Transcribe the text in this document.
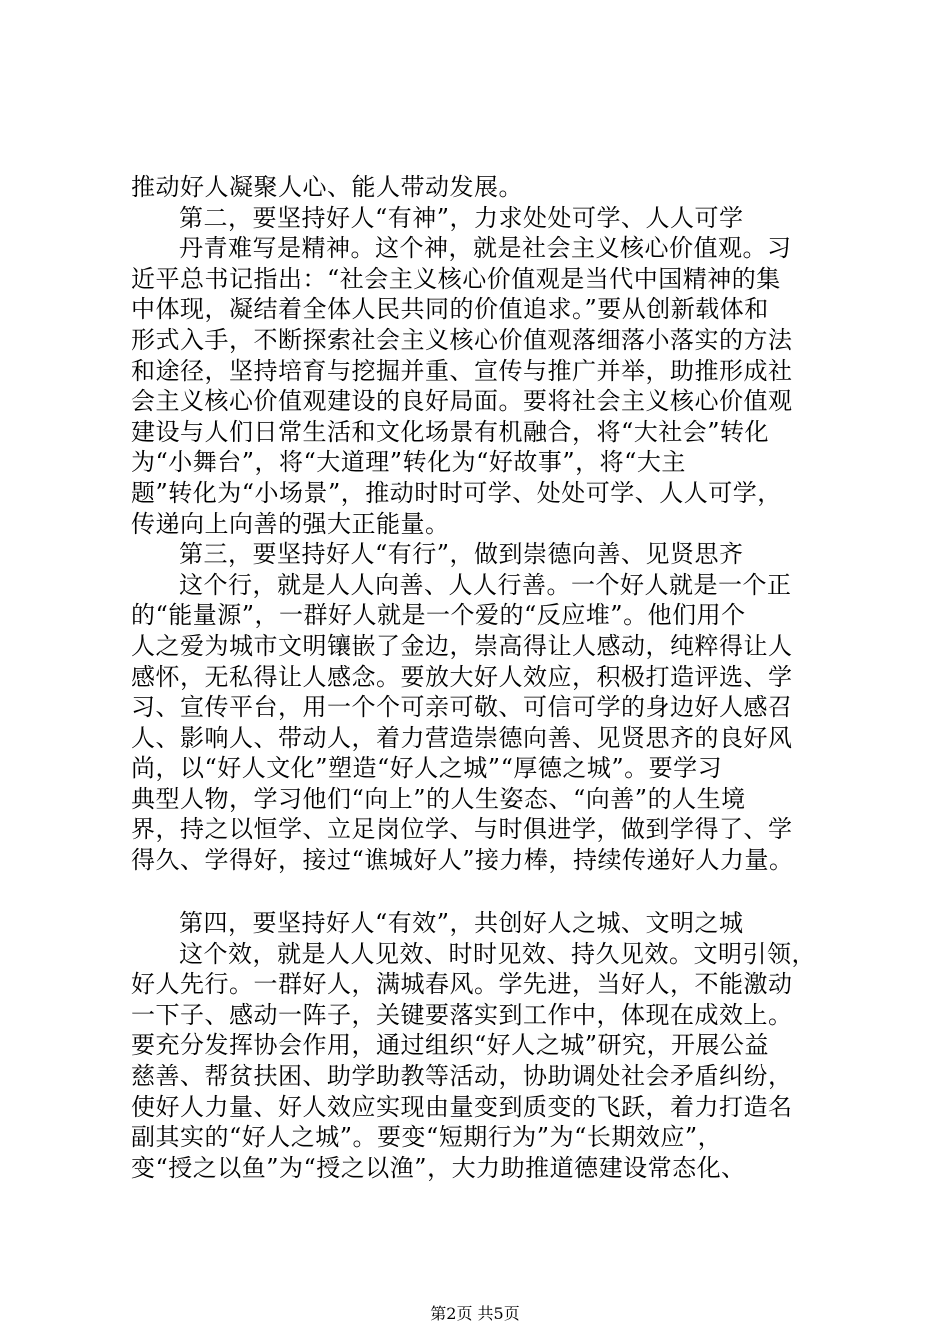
推动好人凝聚人心、能人带动发展。

第二，要坚持好人“有神”，力求处处可学、人人可学

丹青难写是精神。这个神，就是社会主义核心价值观。习

近平总书记指出：“社会主义核心价值观是当代中国精神的集

中体现，凝结着全体人民共同的价值追求。”要从创新载体和

形式入手，不断探索社会主义核心价值观落细落小落实的方法

和途径，坚持培育与挖掘并重、宣传与推广并举，助推形成社

会主义核心价值观建设的良好局面。要将社会主义核心价值观

建设与人们日常生活和文化场景有机融合，将“大社会”转化

为“小舞台”，将“大道理”转化为“好故事”，将“大主

题”转化为“小场景”，推动时时可学、处处可学、人人可学，

传递向上向善的强大正能量。

第三，要坚持好人“有行”，做到崇德向善、见贤思齐

这个行，就是人人向善、人人行善。一个好人就是一个正

的“能量源”，一群好人就是一个爱的“反应堆”。他们用个

人之爱为城市文明镶嵌了金边，崇高得让人感动，纯粹得让人

感怀，无私得让人感念。要放大好人效应，积极打造评选、学

习、宣传平台，用一个个可亲可敬、可信可学的身边好人感召

人、影响人、带动人，着力营造崇德向善、见贤思齐的良好风

尚，以“好人文化”塑造“好人之城”“厚德之城”。要学习

典型人物，学习他们“向上”的人生姿态、“向善”的人生境

界，持之以恒学、立足岗位学、与时俱进学，做到学得了、学

得久、学得好，接过“谯城好人”接力棒，持续传递好人力量。

第四，要坚持好人“有效”，共创好人之城、文明之城

这个效，就是人人见效、时时见效、持久见效。文明引领，

好人先行。一群好人，满城春风。学先进，当好人，不能激动

一下子、感动一阵子，关键要落实到工作中，体现在成效上。

要充分发挥协会作用，通过组织“好人之城”研究，开展公益

慈善、帮贫扶困、助学助教等活动，协助调处社会矛盾纠纷，

使好人力量、好人效应实现由量变到质变的飞跃，着力打造名

副其实的“好人之城”。要变“短期行为”为“长期效应”，

变“授之以鱼”为“授之以渔”，大力助推道德建设常态化、

第2页 共5页
